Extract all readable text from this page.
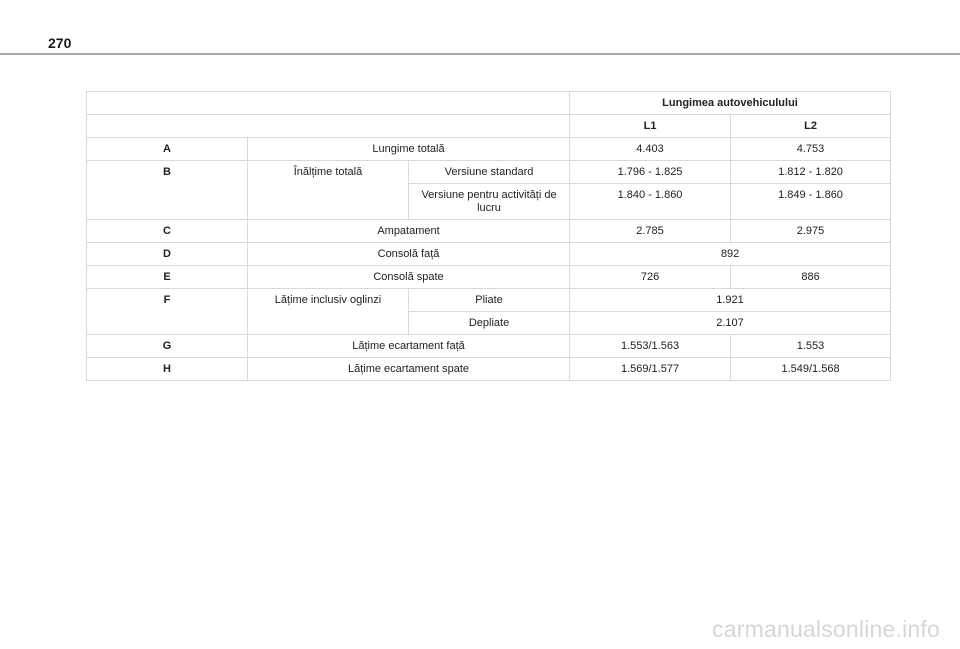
270
			Lungimea autovehiculului	
			L1	L2
A	Lungime totală		4.403	4.753
B	Înălțime totală	Versiune standard	1.796 - 1.825	1.812 - 1.820
		Versiune pentru activități de lucru	1.840 - 1.860	1.849 - 1.860
C	Ampatament		2.785	2.975
D	Consolă față		892	
E	Consolă spate		726	886
F	Lățime inclusiv oglinzi	Pliate	1.921	
		Depliate	2.107	
G	Lățime ecartament față		1.553/1.563	1.553
H	Lățime ecartament spate		1.569/1.577	1.549/1.568
carmanualsonline.info
